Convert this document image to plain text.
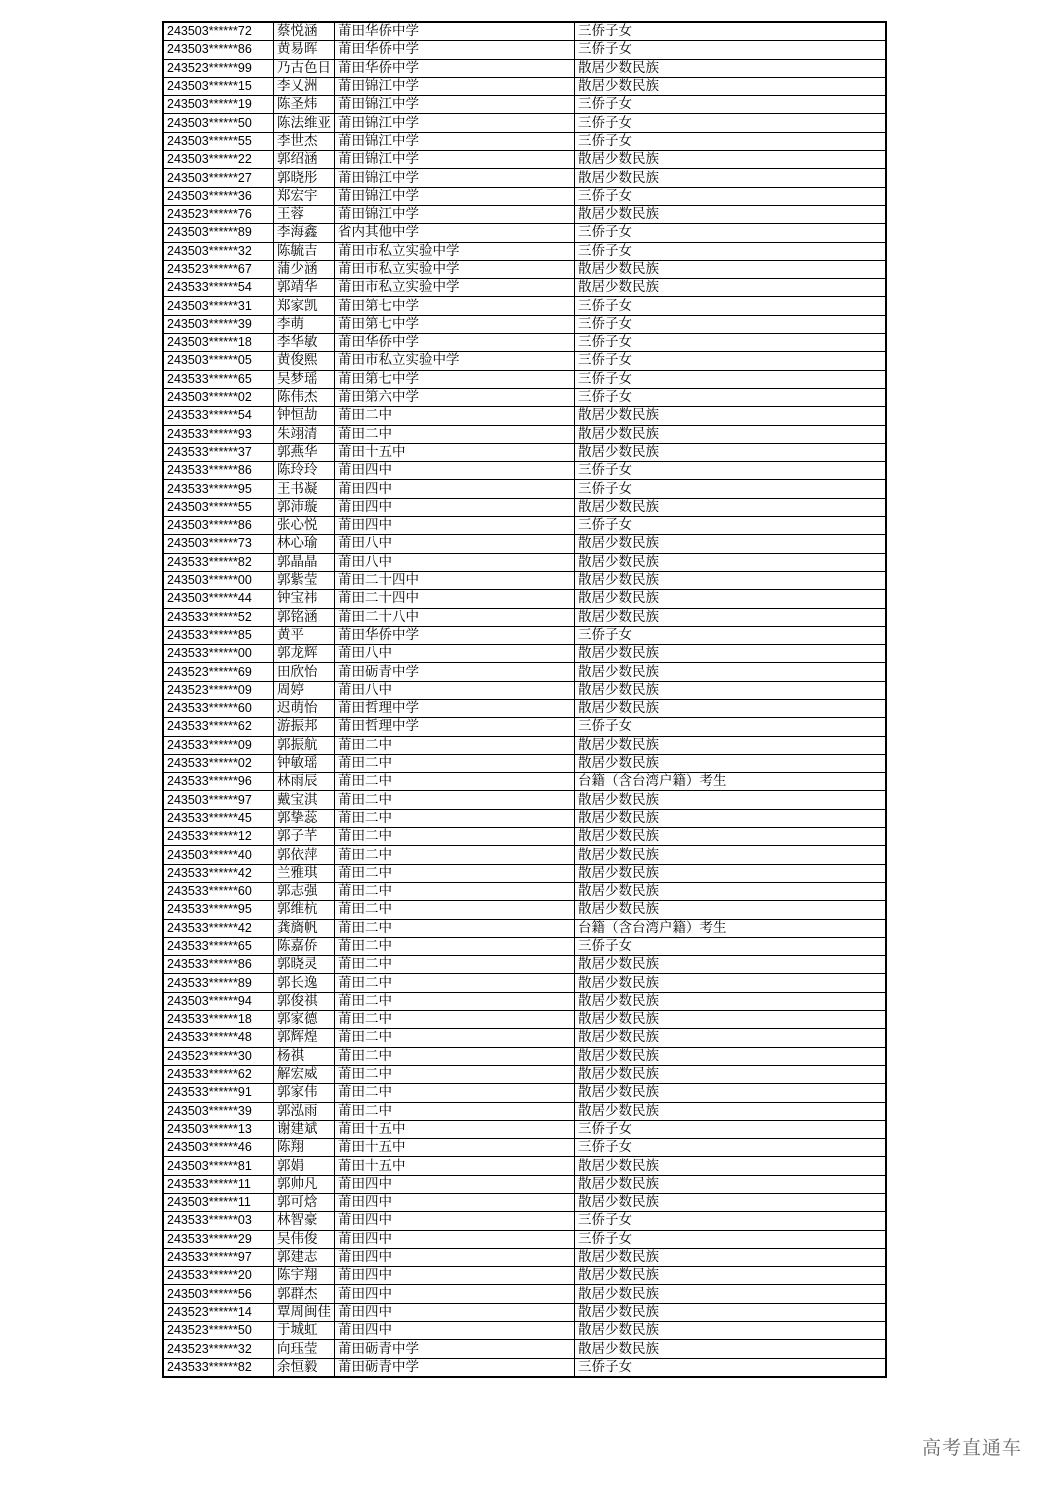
243503******72	蔡悦涵	莆田华侨中学	三侨子女
243503******86	黄易晖	莆田华侨中学	三侨子女
243523******99	乃古色日	莆田华侨中学	散居少数民族
243503******15	李乂洲	莆田锦江中学	散居少数民族
243503******19	陈圣炜	莆田锦江中学	三侨子女
243503******50	陈法维亚	莆田锦江中学	三侨子女
243503******55	李世杰	莆田锦江中学	三侨子女
243503******22	郭绍涵	莆田锦江中学	散居少数民族
243503******27	郭晓彤	莆田锦江中学	散居少数民族
243503******36	郑宏宇	莆田锦江中学	三侨子女
243523******76	王蓉	莆田锦江中学	散居少数民族
243503******89	李海鑫	省内其他中学	三侨子女
243503******32	陈毓吉	莆田市私立实验中学	三侨子女
243523******67	蒲少涵	莆田市私立实验中学	散居少数民族
243533******54	郭靖华	莆田市私立实验中学	散居少数民族
243503******31	郑家凯	莆田第七中学	三侨子女
243503******39	李萌	莆田第七中学	三侨子女
243503******18	李华敏	莆田华侨中学	三侨子女
243503******05	黄俊熙	莆田市私立实验中学	三侨子女
243533******65	吴梦瑶	莆田第七中学	三侨子女
243503******02	陈伟杰	莆田第六中学	三侨子女
243533******54	钟恒劼	莆田二中	散居少数民族
243533******93	朱翊清	莆田二中	散居少数民族
243533******37	郭燕华	莆田十五中	散居少数民族
243533******86	陈玲玲	莆田四中	三侨子女
243533******95	王书凝	莆田四中	三侨子女
243503******55	郭沛璇	莆田四中	散居少数民族
243503******86	张心悦	莆田四中	三侨子女
243503******73	林心瑜	莆田八中	散居少数民族
243533******82	郭晶晶	莆田八中	散居少数民族
243503******00	郭紫莹	莆田二十四中	散居少数民族
243503******44	钟宝祎	莆田二十四中	散居少数民族
243533******52	郭铭涵	莆田二十八中	散居少数民族
243533******85	黄平	莆田华侨中学	三侨子女
243533******00	郭龙辉	莆田八中	散居少数民族
243523******69	田欣怡	莆田砺青中学	散居少数民族
243523******09	周婷	莆田八中	散居少数民族
243533******60	迟萌怡	莆田哲理中学	散居少数民族
243533******62	游振邦	莆田哲理中学	三侨子女
243533******09	郭振航	莆田二中	散居少数民族
243533******02	钟敏瑶	莆田二中	散居少数民族
243533******96	林雨辰	莆田二中	台籍（含台湾户籍）考生
243503******97	戴宝淇	莆田二中	散居少数民族
243533******45	郭挚蕊	莆田二中	散居少数民族
243533******12	郭子芊	莆田二中	散居少数民族
243503******40	郭依萍	莆田二中	散居少数民族
243533******42	兰雅琪	莆田二中	散居少数民族
243533******60	郭志强	莆田二中	散居少数民族
243533******95	郭维杭	莆田二中	散居少数民族
243533******42	龚旖帆	莆田二中	台籍（含台湾户籍）考生
243533******65	陈嘉侨	莆田二中	三侨子女
243533******86	郭晓灵	莆田二中	散居少数民族
243533******89	郭长逸	莆田二中	散居少数民族
243503******94	郭俊祺	莆田二中	散居少数民族
243533******18	郭家德	莆田二中	散居少数民族
243533******48	郭辉煌	莆田二中	散居少数民族
243523******30	杨祺	莆田二中	散居少数民族
243533******62	解宏威	莆田二中	散居少数民族
243533******91	郭家伟	莆田二中	散居少数民族
243503******39	郭泓雨	莆田二中	散居少数民族
243503******13	谢建斌	莆田十五中	三侨子女
243503******46	陈翔	莆田十五中	三侨子女
243503******81	郭娟	莆田十五中	散居少数民族
243533******11	郭帅凡	莆田四中	散居少数民族
243503******11	郭可焓	莆田四中	散居少数民族
243533******03	林智豪	莆田四中	三侨子女
243533******29	吴伟俊	莆田四中	三侨子女
243533******97	郭建志	莆田四中	散居少数民族
243533******20	陈宇翔	莆田四中	散居少数民族
243503******56	郭群杰	莆田四中	散居少数民族
243523******14	覃周闽佳	莆田四中	散居少数民族
243523******50	于城虹	莆田四中	散居少数民族
243523******32	向珏莹	莆田砺青中学	散居少数民族
243533******82	余恒毅	莆田砺青中学	三侨子女
高考直通车
